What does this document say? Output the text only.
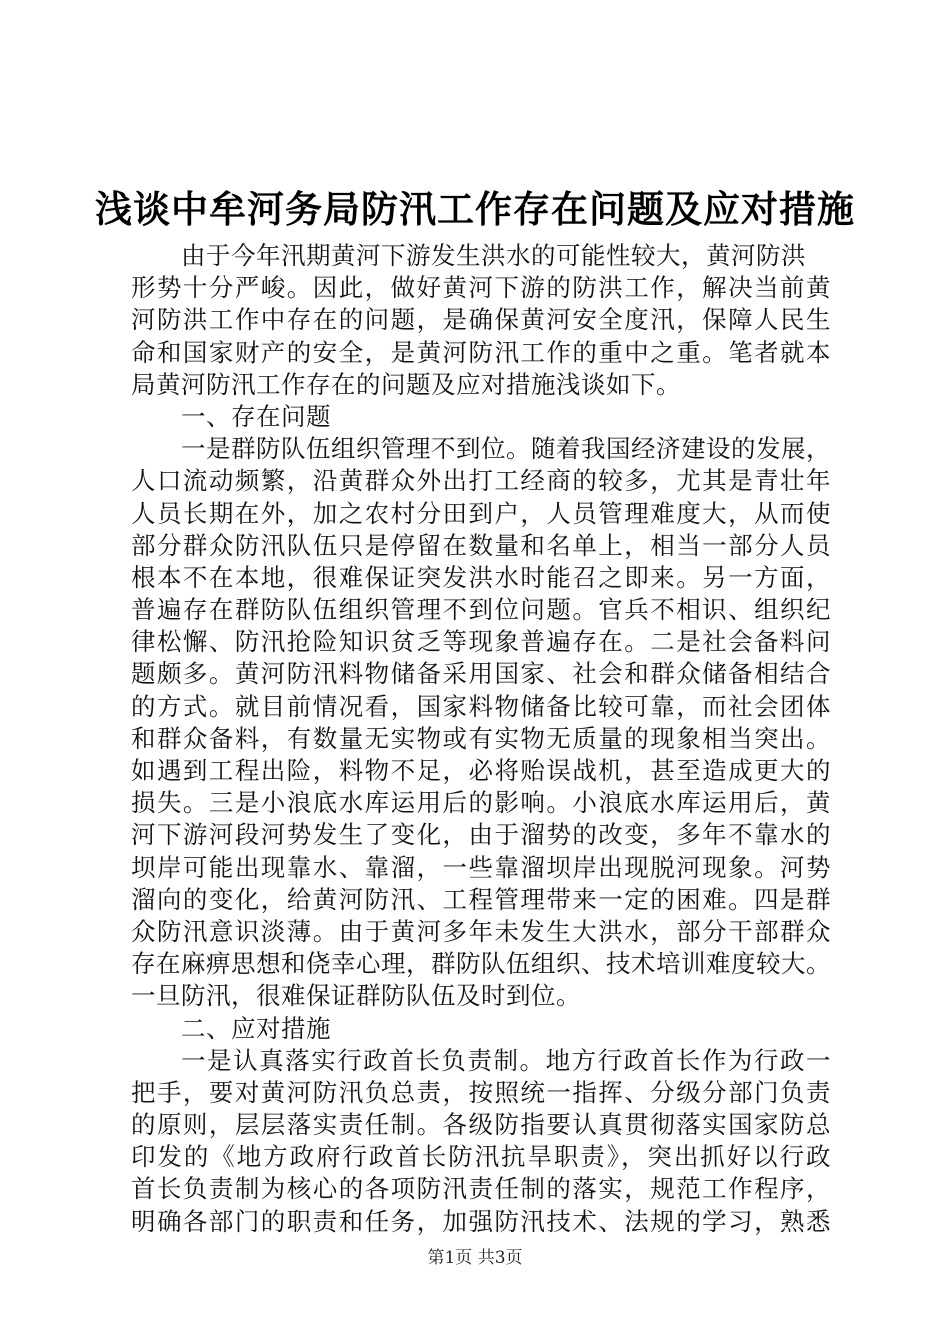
浅谈中牟河务局防汛工作存在问题及应对措施
由于今年汛期黄河下游发生洪水的可能性较大，黄河防洪
形势十分严峻。因此，做好黄河下游的防洪工作，解决当前黄
河防洪工作中存在的问题，是确保黄河安全度汛，保障人民生
命和国家财产的安全，是黄河防汛工作的重中之重。笔者就本
局黄河防汛工作存在的问题及应对措施浅谈如下。
一、存在问题
一是群防队伍组织管理不到位。随着我国经济建设的发展，
人口流动频繁，沿黄群众外出打工经商的较多，尤其是青壮年
人员长期在外，加之农村分田到户，人员管理难度大，从而使
部分群众防汛队伍只是停留在数量和名单上，相当一部分人员
根本不在本地，很难保证突发洪水时能召之即来。另一方面，
普遍存在群防队伍组织管理不到位问题。官兵不相识、组织纪
律松懈、防汛抢险知识贫乏等现象普遍存在。二是社会备料问
题颇多。黄河防汛料物储备采用国家、社会和群众储备相结合
的方式。就目前情况看，国家料物储备比较可靠，而社会团体
和群众备料，有数量无实物或有实物无质量的现象相当突出。
如遇到工程出险，料物不足，必将贻误战机，甚至造成更大的
损失。三是小浪底水库运用后的影响。小浪底水库运用后，黄
河下游河段河势发生了变化，由于溜势的改变，多年不靠水的
坝岸可能出现靠水、靠溜，一些靠溜坝岸出现脱河现象。河势
溜向的变化，给黄河防汛、工程管理带来一定的困难。四是群
众防汛意识淡薄。由于黄河多年未发生大洪水，部分干部群众
存在麻痹思想和侥幸心理，群防队伍组织、技术培训难度较大。
一旦防汛，很难保证群防队伍及时到位。
二、应对措施
一是认真落实行政首长负责制。地方行政首长作为行政一
把手，要对黄河防汛负总责，按照统一指挥、分级分部门负责
的原则，层层落实责任制。各级防指要认真贯彻落实国家防总
印发的《地方政府行政首长防汛抗旱职责》，突出抓好以行政
首长负责制为核心的各项防汛责任制的落实，规范工作程序，
明确各部门的职责和任务，加强防汛技术、法规的学习，熟悉
第1页 共3页
